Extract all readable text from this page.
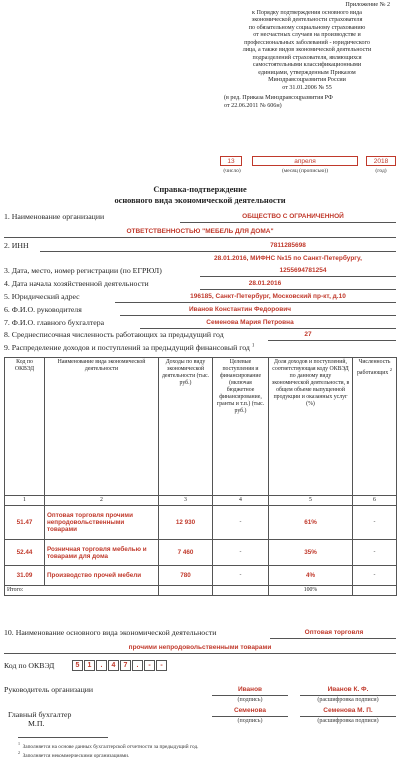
Приложение № 2
к Порядку подтверждения основного вида
экономической деятельности страхователя
по обязательному социальному страхованию
от несчастных случаев на производстве и
профессиональных заболеваний - юридического
лица, а также видов экономической деятельности
подразделений страхователя, являющихся
самостоятельными классификационными
единицами, утвержденным Приказом
Минздравсоцразвития России
от 31.01.2006 № 55
(в ред. Приказа Минздравсоцразвития РФ
от 22.06.2011 № 606н)
13	апреля	2018
(число)	(месяц (прописью))	(год)
Справка-подтверждение
основного вида экономической деятельности
1. Наименование организации	ОБЩЕСТВО С ОГРАНИЧЕННОЙ
ОТВЕТСТВЕННОСТЬЮ "МЕБЕЛЬ ДЛЯ ДОМА"
2. ИНН	7811285698
28.01.2016, МИФНС №15 по Санкт-Петербургу,
3. Дата, место, номер регистрации (по ЕГРЮЛ)	1255694781254
4. Дата начала хозяйственной деятельности	28.01.2016
5. Юридический адрес	196185, Санкт-Петербург, Московский пр-кт, д.10
6. Ф.И.О. руководителя	Иванов Константин Федорович
7. Ф.И.О. главного бухгалтера	Семенова Мария Петровна
8. Среднесписочная численность работающих за предыдущий год	27
9. Распределение доходов и поступлений за предыдущий финансовый год $^1$
Код по ОКВЭД	Наименование вида экономической деятельности	Доходы по виду экономической деятельности (тыс. руб.)	Целевые поступления и финансирование (включая бюджетное финансирование, гранты и т.п.) (тыс. руб.)	Доля доходов и поступлений, соответствующая коду ОКВЭД по данному виду экономической деятельности, в общем объеме выпущенной продукции и оказанных услуг (%)	Численность работающих $^2$
1	2	3	4	5	6
51.47	Оптовая торговля прочими непродовольственными товарами	12 930	-	61%	-
52.44	Розничная торговля мебелью и товарами для дома	7 460	-	35%	-
31.09	Производство прочей мебели	780	-	4%	-
Итого:				100%	
10. Наименование основного вида экономической деятельности	Оптовая торговля
прочими непродовольственными товарами
Код по ОКВЭД	5	1	.	4	7	.	-	-
Руководитель организации	Иванов	Иванов К. Ф.
(подпись)	(расшифровка подписи)
Главный бухгалтер
М.П.
Семенова	Семенова М. П.
(подпись)	(расшифровка подписи)
$^1$  Заполняется на основе данных бухгалтерской отчетности за предыдущий год.
$^2$  Заполняется некоммерческими организациями.
